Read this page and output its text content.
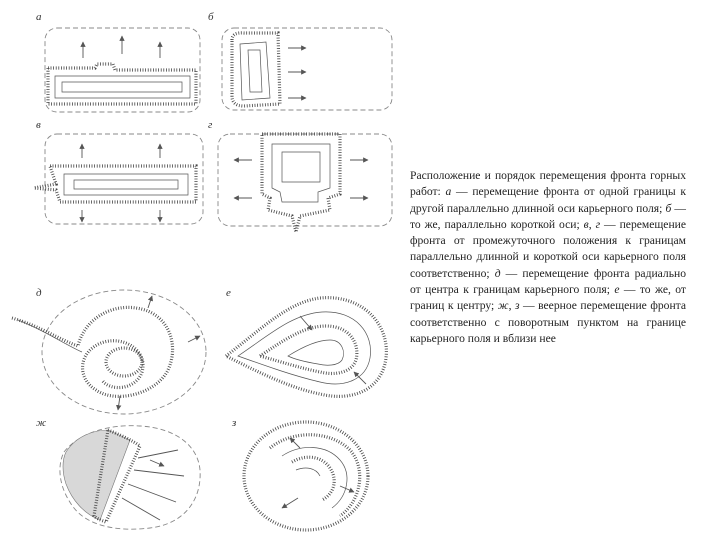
а	б
в	г
д	е
ж	з
Расположение и порядок перемещения фронта горных работ: а — перемещение фронта от одной границы к другой параллельно длинной оси карьерного поля; б — то же, параллельно короткой оси; в, г — перемещение фронта от промежуточного положения к границам параллельно длинной и короткой оси карьерного поля соответственно; д — перемещение фронта радиально от центра к границам карьерного поля; е — то же, от границ к центру; ж, з — веерное перемещение фронта соответственно с поворотным пунктом на границе карьерного поля и вблизи нее
